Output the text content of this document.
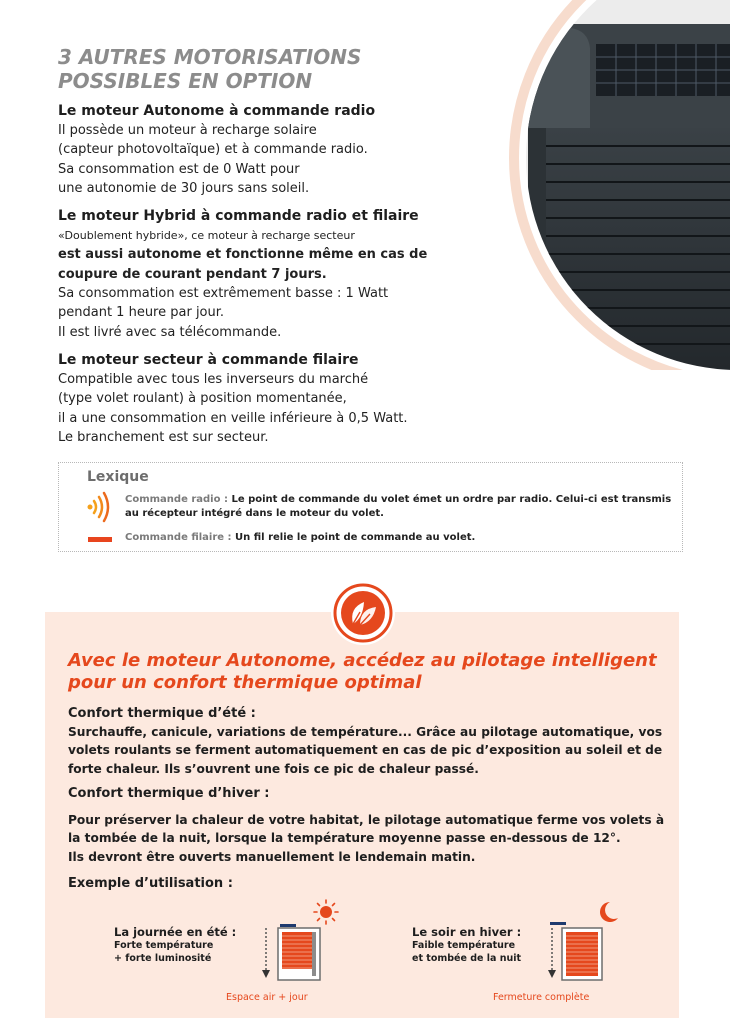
3 AUTRES MOTORISATIONS POSSIBLES EN OPTION
Le moteur Autonome à commande radio

Il possède un moteur à recharge solaire
(capteur photovoltaïque) et à commande radio.
Sa consommation est de 0 Watt pour
une autonomie de 30 jours sans soleil.

Le moteur Hybrid à commande radio et filaire

«Doublement hybride», ce moteur à recharge secteur

est aussi autonome et fonctionne même en cas de
coupure de courant pendant 7 jours.

Sa consommation est extrêmement basse : 1 Watt
pendant 1 heure par jour.
Il est livré avec sa télécommande.

Le moteur secteur à commande filaire

Compatible avec tous les inverseurs du marché
(type volet roulant) à position momentanée,
il a une consommation en veille inférieure à 0,5 Watt.
Le branchement est sur secteur.

Lexique
Commande radio : Le point de commande du volet émet un ordre par radio. Celui-ci est transmis au récepteur intégré dans le moteur du volet.
Commande filaire : Un fil relie le point de commande au volet.
Avec le moteur Autonome, accédez au pilotage intelligent pour un confort thermique optimal
Confort thermique d’été :
Surchauffe, canicule, variations de température... Grâce au pilotage automatique, vos
volets roulants se ferment automatiquement en cas de pic d’exposition au soleil et de
forte chaleur. Ils s’ouvrent une fois ce pic de chaleur passé.
Confort thermique d’hiver :
Pour préserver la chaleur de votre habitat, le pilotage automatique ferme vos volets à
la tombée de la nuit, lorsque la température moyenne passe en-dessous de 12°.
Ils devront être ouverts manuellement le lendemain matin.
Exemple d’utilisation :
La journée en été :
Forte température
+ forte luminosité
Espace air + jour
Le soir en hiver :
Faible température
et tombée de la nuit
Fermeture complète
